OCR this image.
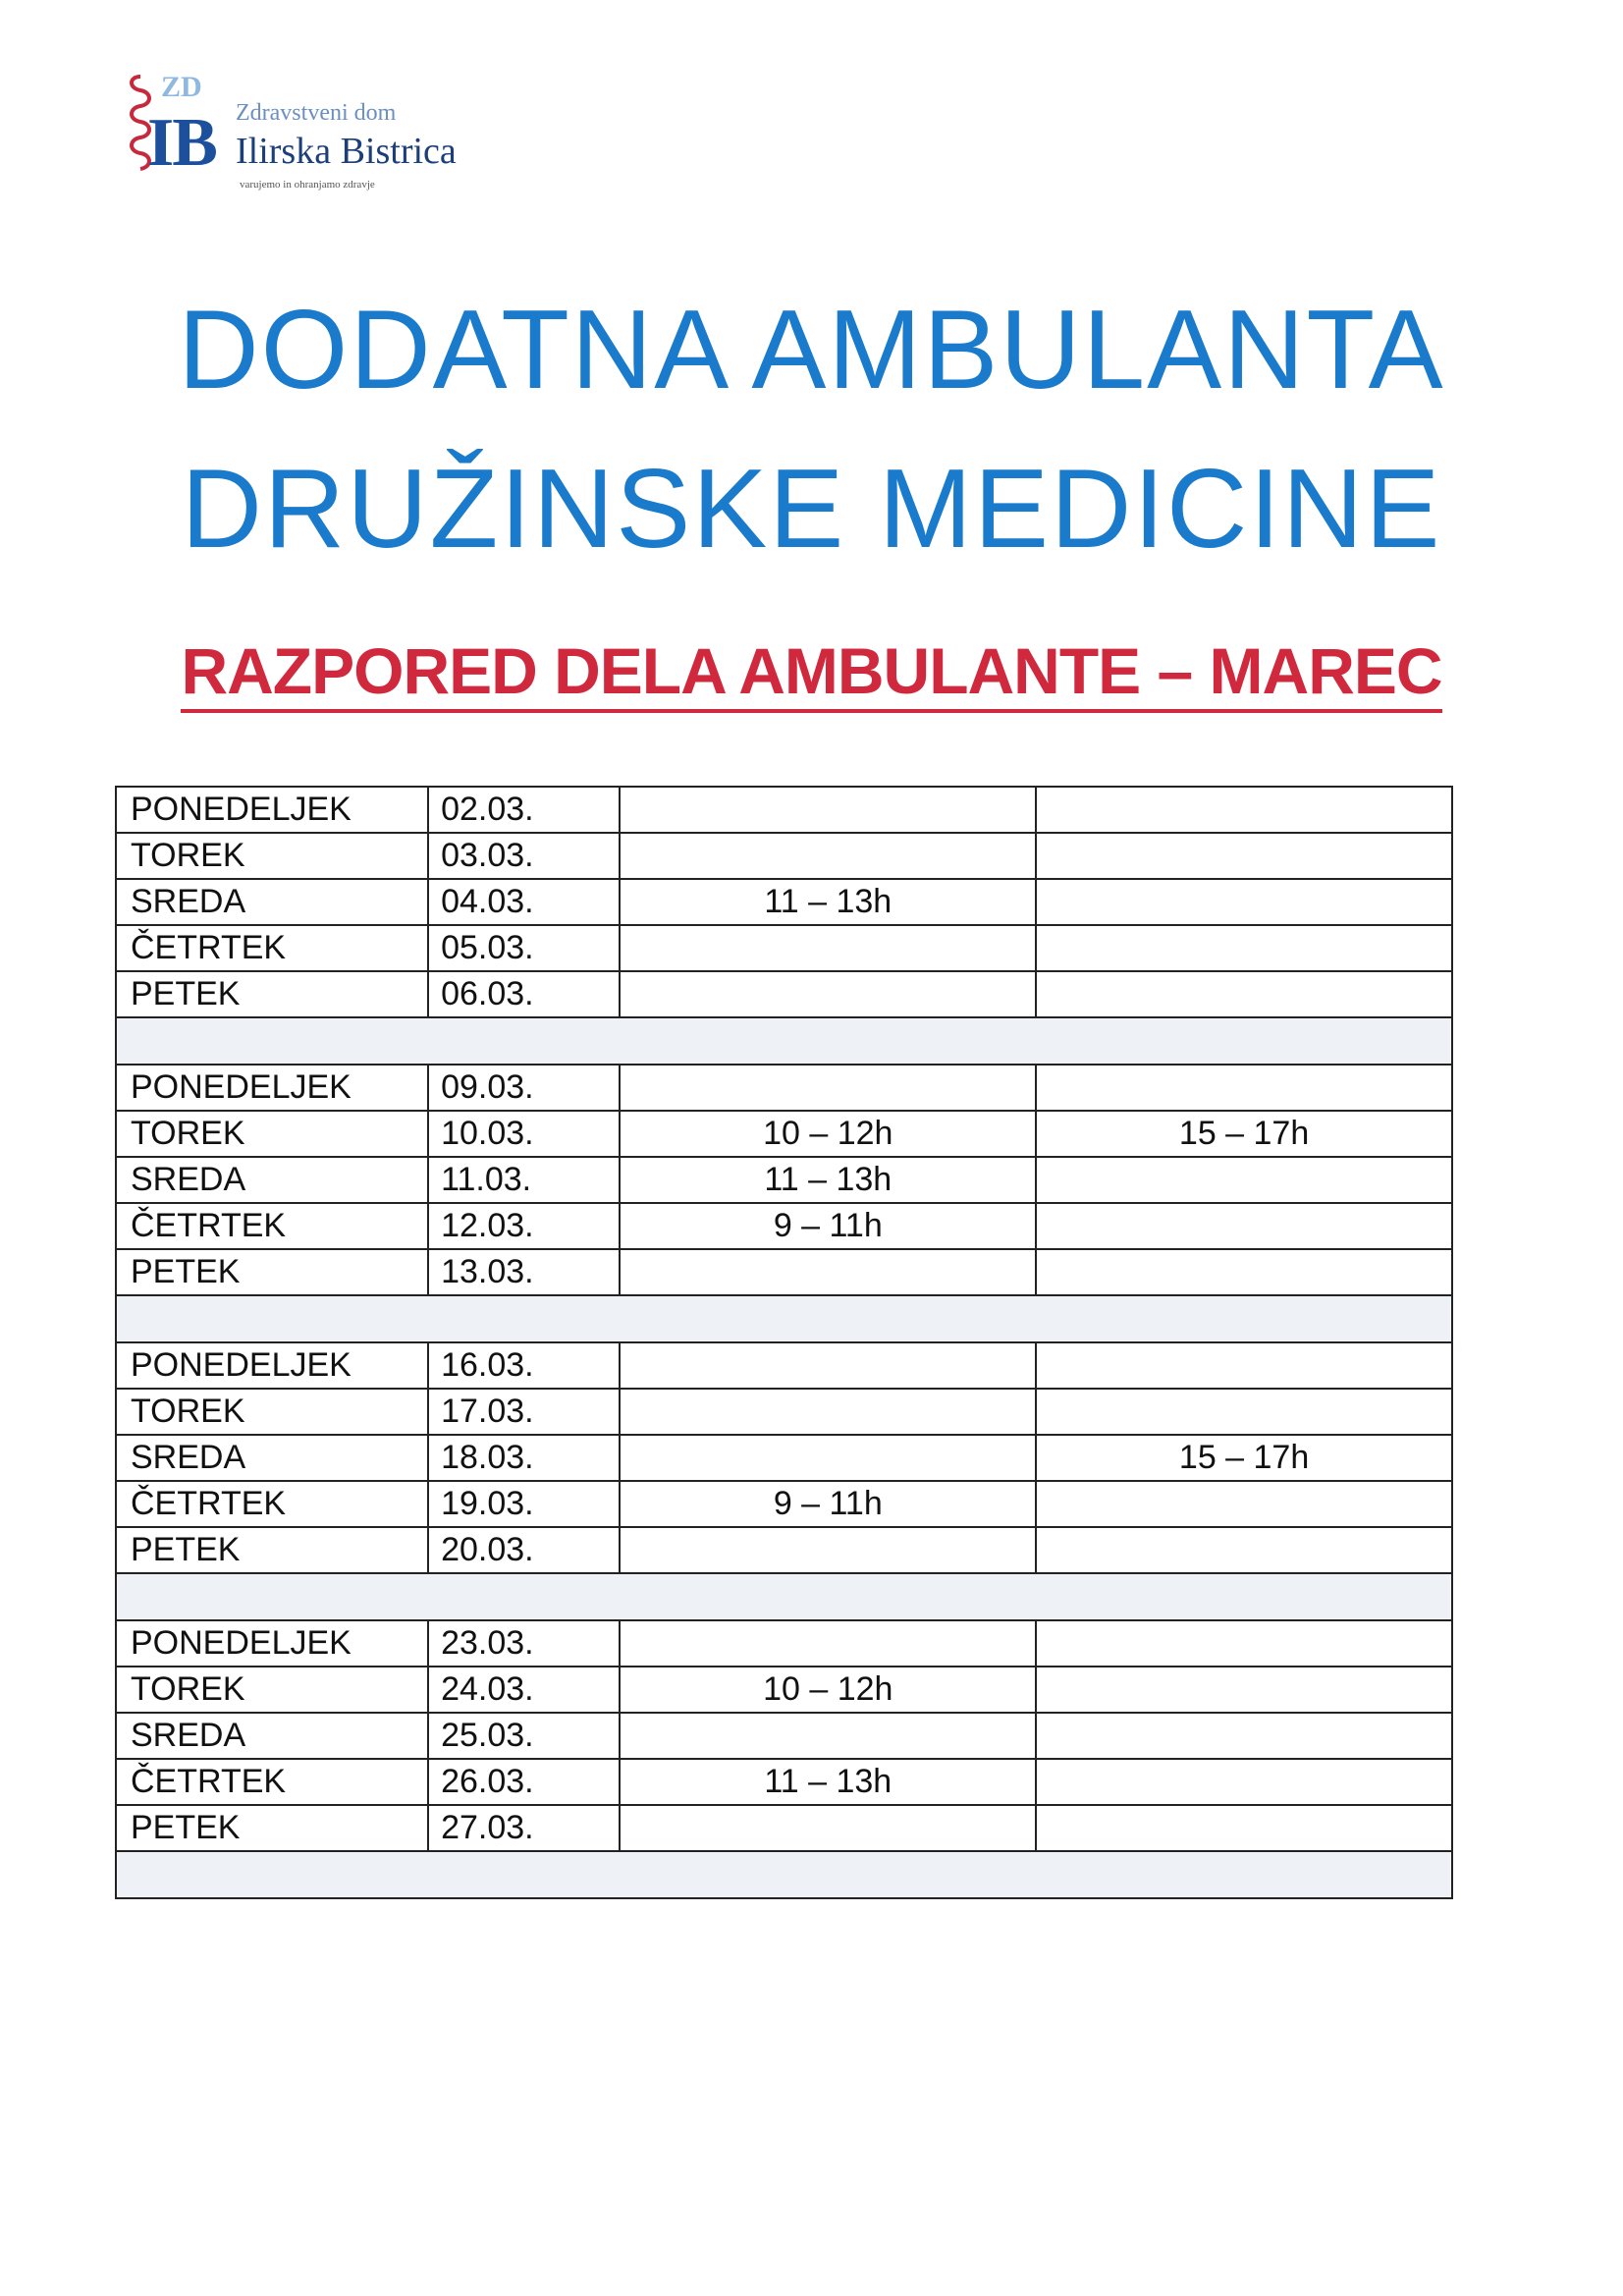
ZD
IB Zdravstveni dom
Ilirska Bistrica
varujemo in ohranjamo zdravje
DODATNA AMBULANTA
DRUŽINSKE MEDICINE
RAZPORED DELA AMBULANTE – MAREC
PONEDELJEK	02.03.		
TOREK	03.03.		
SREDA	04.03.	11 – 13h	
ČETRTEK	05.03.		
PETEK	06.03.		

PONEDELJEK	09.03.		
TOREK	10.03.	10 – 12h	15 – 17h
SREDA	11.03.	11 – 13h	
ČETRTEK	12.03.	9 – 11h	
PETEK	13.03.		

PONEDELJEK	16.03.		
TOREK	17.03.		
SREDA	18.03.		15 – 17h
ČETRTEK	19.03.	9 – 11h	
PETEK	20.03.		

PONEDELJEK	23.03.		
TOREK	24.03.	10 – 12h	
SREDA	25.03.		
ČETRTEK	26.03.	11 – 13h	
PETEK	27.03.		
